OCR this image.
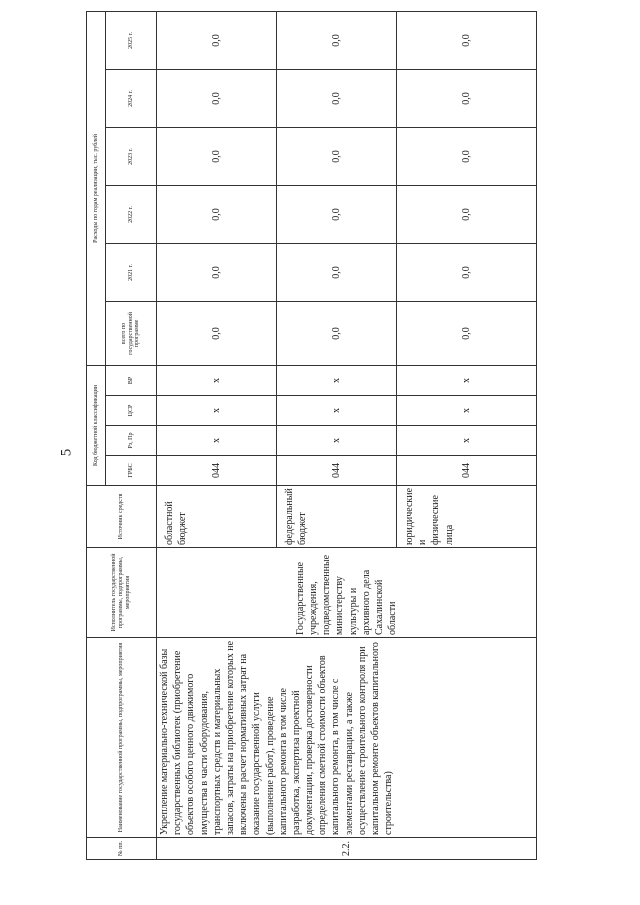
5
№ пп.	Наименование государственной программы, подпрограммы, мероприятия	Исполнитель государственной программы, подпрограммы, мероприятия	Источник средств	Код бюджетной классификации				Расходы по годам реализации, тыс. рублей					
				ГРБС	Рз, Пр	ЦСР	ВР	всего по государственной программе	2021 г.	2022 г.	2023 г.	2024 г.	2025 г.
2.2.	Укрепление материально-технической базы государственных библиотек (приобретение объектов особого ценного движимого имущества в части оборудования, транспортных средств и материальных запасов, затраты на приобретение которых не включены в расчет нормативных затрат на оказание государственной услуги (выполнение работ), проведение капитального ремонта в том числе разработка, экспертиза проектной документации, проверка достоверности определения сметной стоимости объектов капитального ремонта, в том числе с элементами реставрации, а также осуществление строительного контроля при капитальном ремонте объектов капитального строительства)	Государственные учреждения, подведомственные министерству культуры и архивного дела Сахалинской области	областной бюджет	044	x	x	x	0,0	0,0	0,0	0,0	0,0	0,0
			федеральный бюджет	044	x	x	x	0,0	0,0	0,0	0,0	0,0	0,0
			юридические и физические лица	044	x	x	x	0,0	0,0	0,0	0,0	0,0	0,0
